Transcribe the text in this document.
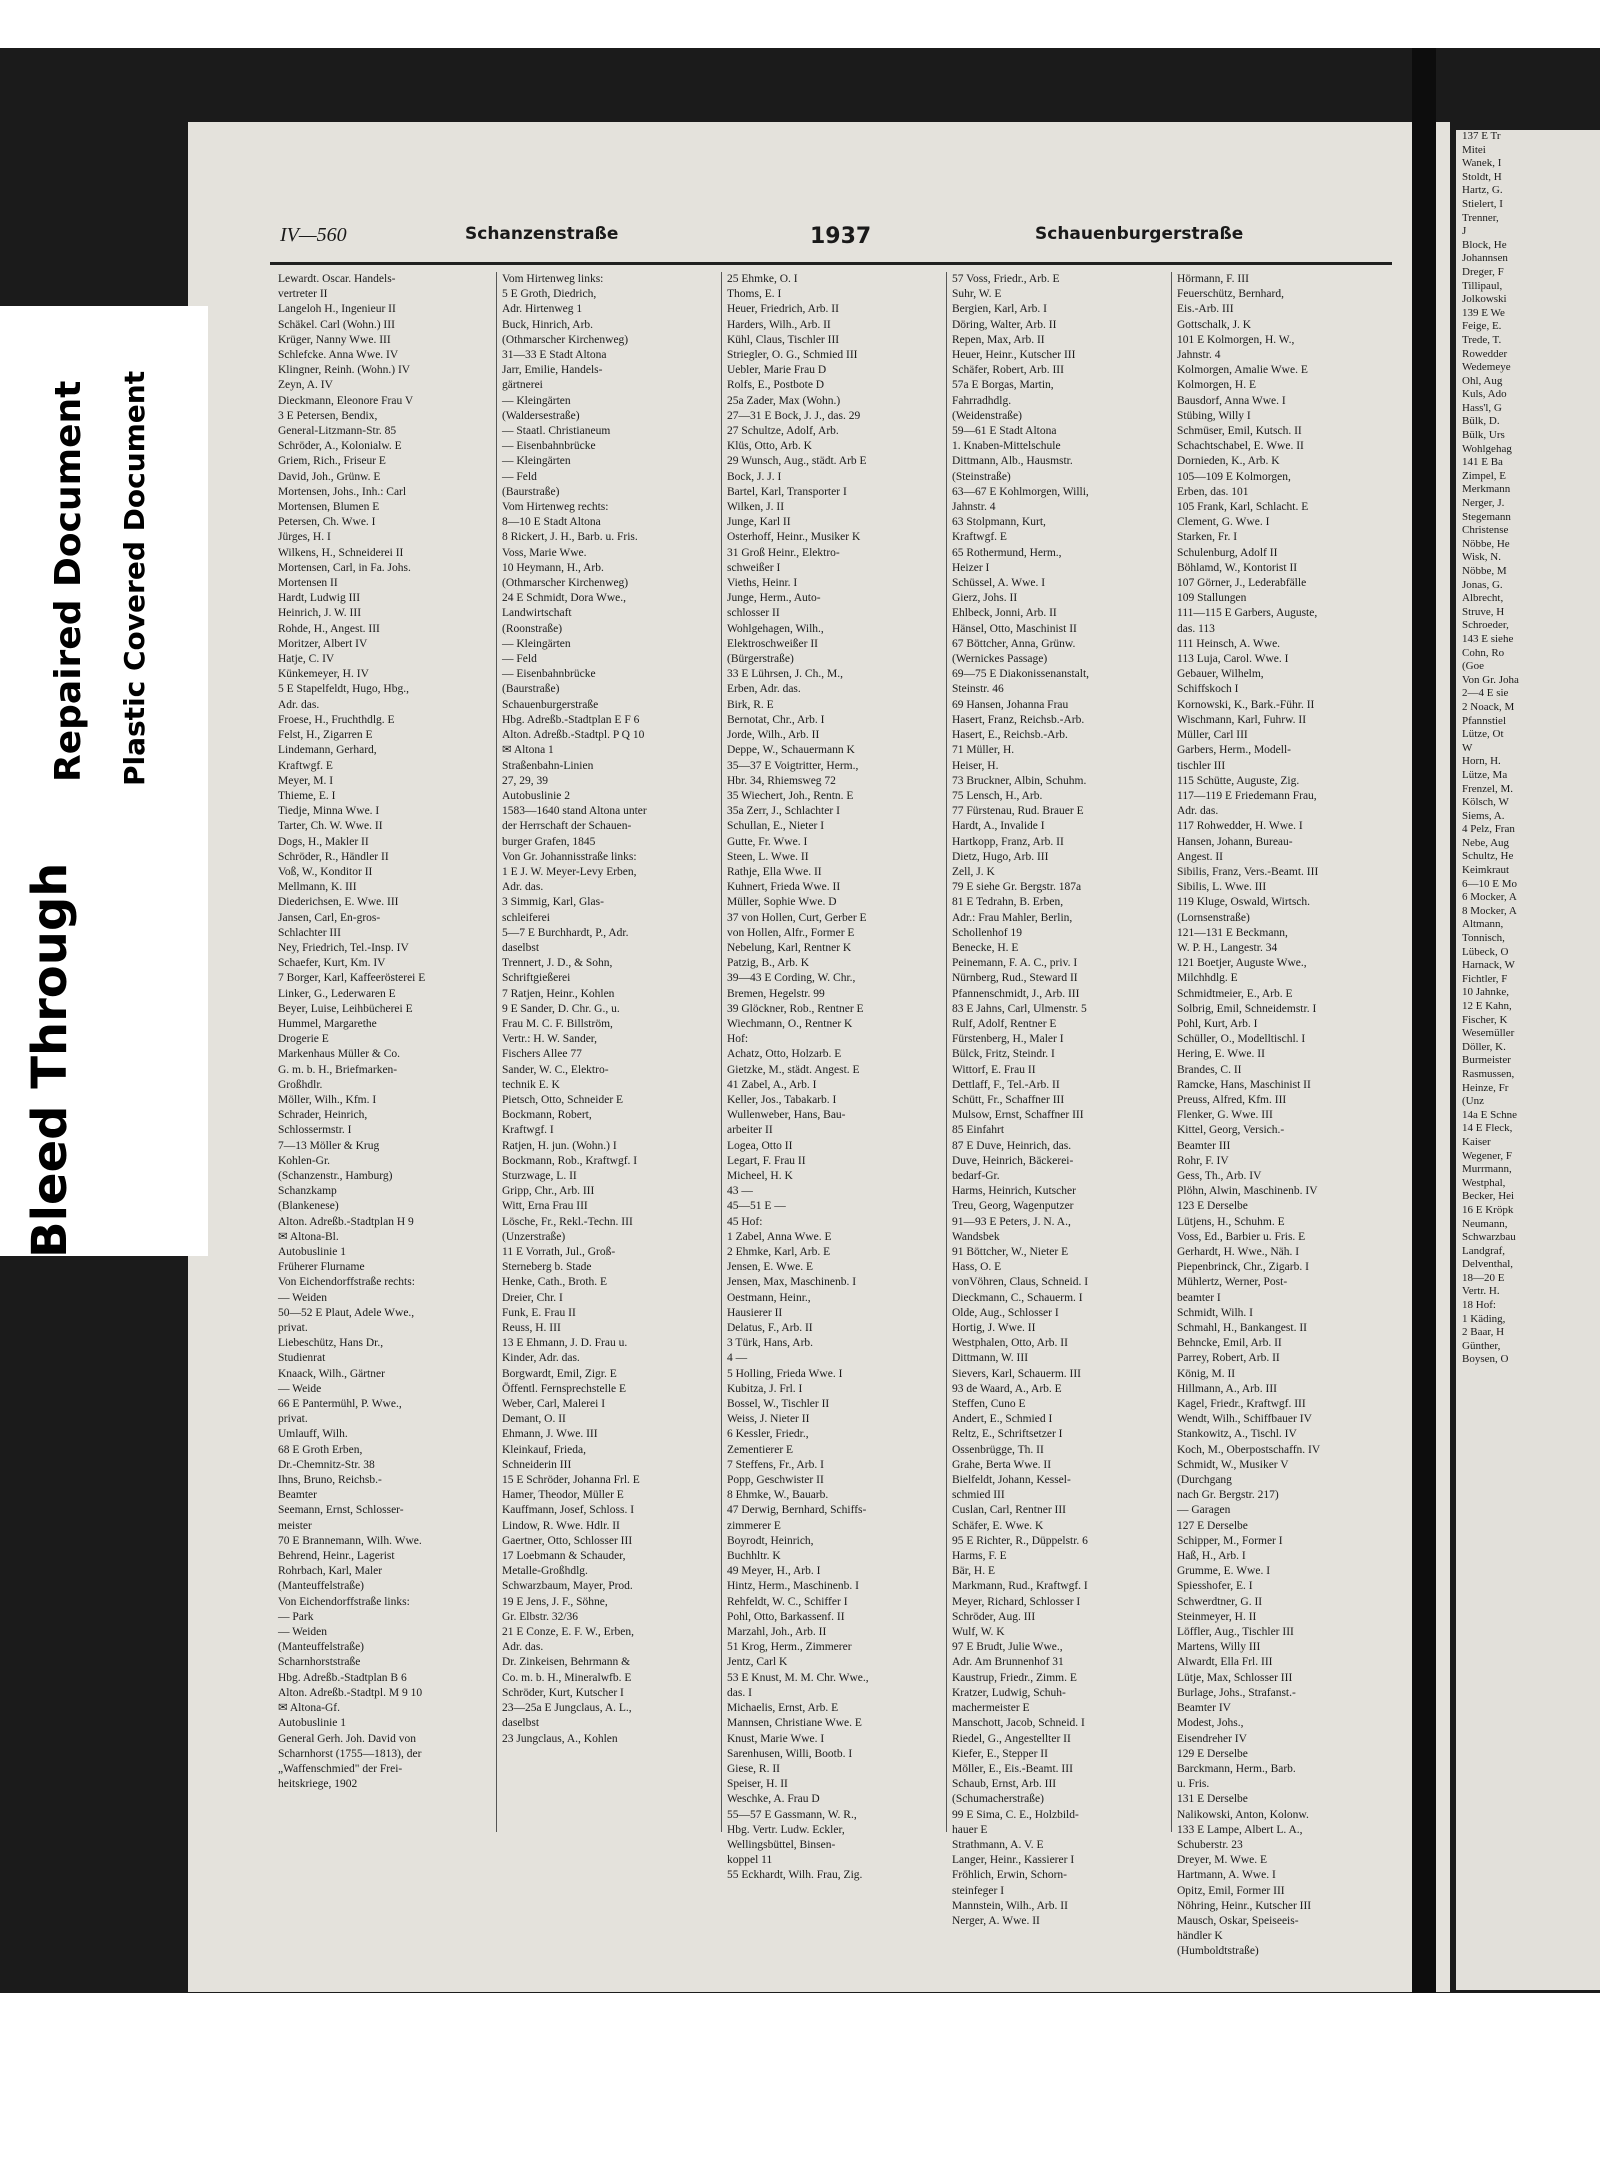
137 E Tr
Mitei
Wanek, I
Stoldt, H
Hartz, G.
Stielert, I
Trenner,
J
Block, He
Johannsen
Dreger, F
Tillipaul,
Jolkowski
139 E We
Feige, E.
Trede, T.
Rowedder
Wedemeye
Ohl, Aug
Kuls, Ado
Hass'l, G
Bülk, D.
Bülk, Urs
Wohlgehag
141 E Ba
Zimpel, E
Merkmann
Nerger, J.
Stegemann
Christense
Nöbbe, He
Wisk, N.
Nöbbe, M
Jonas, G.
Albrecht,
Struve, H
Schroeder,
143 E siehe
Cohn, Ro
(Goe
Von Gr. Joha
2—4 E sie
2 Noack, M
Pfannstiel
Lütze, Ot
W
Horn, H.
Lütze, Ma
Frenzel, M.
Kölsch, W
Siems, A.
4 Pelz, Fran
Nebe, Aug
Schultz, He
Keimkraut
6—10 E Mo
6 Mocker, A
8 Mocker, A
Altmann,
Tonnisch,
Lübeck, O
Harnack, W
Fichtler, F
10 Jahnke,
12 E Kahn,
Fischer, K
Wesemüller
Döller, K.
Burmeister
Rasmussen,
Heinze, Fr
(Unz
14a E Schne
14 E Fleck,
Kaiser
Wegener, F
Murrmann,
Westphal,
Becker, Hei
16 E Kröpk
Neumann,
Schwarzbau
Landgraf,
Delventhal,
18—20 E
Vertr. H.
18 Hof:
1 Käding,
2 Baar, H
Günther,
Boysen, O
IV—560	Schanzenstraße	1937	Schauenburgerstraße
Lewardt. Oscar. Handels-
vertreter II
Langeloh H., Ingenieur II
Schäkel. Carl (Wohn.) III
Krüger, Nanny Wwe. III
Schlefcke. Anna Wwe. IV
Klingner, Reinh. (Wohn.) IV
Zeyn, A. IV
Dieckmann, Eleonore Frau V
3 E Petersen, Bendix,
General-Litzmann-Str. 85
Schröder, A., Kolonialw. E
Griem, Rich., Friseur E
David, Joh., Grünw. E
Mortensen, Johs., Inh.: Carl
Mortensen, Blumen E
Petersen, Ch. Wwe. I
Jürges, H. I
Wilkens, H., Schneiderei II
Mortensen, Carl, in Fa. Johs.
Mortensen II
Hardt, Ludwig III
Heinrich, J. W. III
Rohde, H., Angest. III
Moritzer, Albert IV
Hatje, C. IV
Künkemeyer, H. IV
5 E Stapelfeldt, Hugo, Hbg.,
Adr. das.
Froese, H., Fruchthdlg. E
Felst, H., Zigarren E
Lindemann, Gerhard,
Kraftwgf. E
Meyer, M. I
Thieme, E. I
Tiedje, Minna Wwe. I
Tarter, Ch. W. Wwe. II
Dogs, H., Makler II
Schröder, R., Händler II
Voß, W., Konditor II
Mellmann, K. III
Diederichsen, E. Wwe. III
Jansen, Carl, En-gros-
Schlachter III
Ney, Friedrich, Tel.-Insp. IV
Schaefer, Kurt, Km. IV
7 Borger, Karl, Kaffeerösterei E
Linker, G., Lederwaren E
Beyer, Luise, Leihbücherei E
Hummel, Margarethe
Drogerie E
Markenhaus Müller & Co.
G. m. b. H., Briefmarken-
Großhdlr.
Möller, Wilh., Kfm. I
Schrader, Heinrich,
Schlossermstr. I
7—13 Möller & Krug
Kohlen-Gr.
(Schanzenstr., Hamburg)
Schanzkamp
(Blankenese)
Alton. Adreßb.-Stadtplan H 9
✉ Altona-Bl.
Autobuslinie 1
Früherer Flurname
Von Eichendorffstraße rechts:
— Weiden
50—52 E Plaut, Adele Wwe.,
privat.
Liebeschütz, Hans Dr.,
Studienrat
Knaack, Wilh., Gärtner
— Weide
66 E Pantermühl, P. Wwe.,
privat.
Umlauff, Wilh.
68 E Groth Erben,
Dr.-Chemnitz-Str. 38
Ihns, Bruno, Reichsb.-
Beamter
Seemann, Ernst, Schlosser-
meister
70 E Brannemann, Wilh. Wwe.
Behrend, Heinr., Lagerist
Rohrbach, Karl, Maler
(Manteuffelstraße)
Von Eichendorffstraße links:
— Park
— Weiden
(Manteuffelstraße)
Scharnhorststraße
Hbg. Adreßb.-Stadtplan B 6
Alton. Adreßb.-Stadtpl. M 9 10
✉ Altona-Gf.
Autobuslinie 1
General Gerh. Joh. David von
Scharnhorst (1755—1813), der
„Waffenschmied" der Frei-
heitskriege, 1902
Vom Hirtenweg links:
5 E Groth, Diedrich,
Adr. Hirtenweg 1
Buck, Hinrich, Arb.
(Othmarscher Kirchenweg)
31—33 E Stadt Altona
Jarr, Emilie, Handels-
gärtnerei
— Kleingärten
(Waldersestraße)
— Staatl. Christianeum
— Eisenbahnbrücke
— Kleingärten
— Feld
(Baurstraße)
Vom Hirtenweg rechts:
8—10 E Stadt Altona
8 Rickert, J. H., Barb. u. Fris.
Voss, Marie Wwe.
10 Heymann, H., Arb.
(Othmarscher Kirchenweg)
24 E Schmidt, Dora Wwe.,
Landwirtschaft
(Roonstraße)
— Kleingärten
— Feld
— Eisenbahnbrücke
(Baurstraße)
Schauenburgerstraße
Hbg. Adreßb.-Stadtplan E F 6
Alton. Adreßb.-Stadtpl. P Q 10
✉ Altona 1
Straßenbahn-Linien
27, 29, 39
Autobuslinie 2
1583—1640 stand Altona unter
der Herrschaft der Schauen-
burger Grafen, 1845
Von Gr. Johannisstraße links:
1 E J. W. Meyer-Levy Erben,
Adr. das.
3 Simmig, Karl, Glas-
schleiferei
5—7 E Burchhardt, P., Adr.
daselbst
Trennert, J. D., & Sohn,
Schriftgießerei
7 Ratjen, Heinr., Kohlen
9 E Sander, D. Chr. G., u.
Frau M. C. F. Billström,
Vertr.: H. W. Sander,
Fischers Allee 77
Sander, W. C., Elektro-
technik E. K
Pietsch, Otto, Schneider E
Bockmann, Robert,
Kraftwgf. I
Ratjen, H. jun. (Wohn.) I
Bockmann, Rob., Kraftwgf. I
Sturzwage, L. II
Gripp, Chr., Arb. III
Witt, Erna Frau III
Lösche, Fr., Rekl.-Techn. III
(Unzerstraße)
11 E Vorrath, Jul., Groß-
Sterneberg b. Stade
Henke, Cath., Broth. E
Dreier, Chr. I
Funk, E. Frau II
Reuss, H. III
13 E Ehmann, J. D. Frau u.
Kinder, Adr. das.
Borgwardt, Emil, Zigr. E
Öffentl. Fernsprechstelle E
Weber, Carl, Malerei I
Demant, O. II
Ehmann, J. Wwe. III
Kleinkauf, Frieda,
Schneiderin III
15 E Schröder, Johanna Frl. E
Hamer, Theodor, Müller E
Kauffmann, Josef, Schloss. I
Lindow, R. Wwe. Hdlr. II
Gaertner, Otto, Schlosser III
17 Loebmann & Schauder,
Metalle-Großhdlg.
Schwarzbaum, Mayer, Prod.
19 E Jens, J. F., Söhne,
Gr. Elbstr. 32/36
21 E Conze, E. F. W., Erben,
Adr. das.
Dr. Zinkeisen, Behrmann &
Co. m. b. H., Mineralwfb. E
Schröder, Kurt, Kutscher I
23—25a E Jungclaus, A. L.,
daselbst
23 Jungclaus, A., Kohlen
25 Ehmke, O. I
Thoms, E. I
Heuer, Friedrich, Arb. II
Harders, Wilh., Arb. II
Kühl, Claus, Tischler III
Striegler, O. G., Schmied III
Uebler, Marie Frau D
Rolfs, E., Postbote D
25a Zader, Max (Wohn.)
27—31 E Bock, J. J., das. 29
27 Schultze, Adolf, Arb.
Klüs, Otto, Arb. K
29 Wunsch, Aug., städt. Arb E
Bock, J. J. I
Bartel, Karl, Transporter I
Wilken, J. II
Junge, Karl II
Osterhoff, Heinr., Musiker K
31 Groß Heinr., Elektro-
schweißer I
Vieths, Heinr. I
Junge, Herm., Auto-
schlosser II
Wohlgehagen, Wilh.,
Elektroschweißer II
(Bürgerstraße)
33 E Lührsen, J. Ch., M.,
Erben, Adr. das.
Birk, R. E
Bernotat, Chr., Arb. I
Jorde, Wilh., Arb. II
Deppe, W., Schauermann K
35—37 E Voigtritter, Herm.,
Hbr. 34, Rhiemsweg 72
35 Wiechert, Joh., Rentn. E
35a Zerr, J., Schlachter I
Schullan, E., Nieter I
Gutte, Fr. Wwe. I
Steen, L. Wwe. II
Rathje, Ella Wwe. II
Kuhnert, Frieda Wwe. II
Müller, Sophie Wwe. D
37 von Hollen, Curt, Gerber E
von Hollen, Alfr., Former E
Nebelung, Karl, Rentner K
Patzig, B., Arb. K
39—43 E Cording, W. Chr.,
Bremen, Hegelstr. 99
39 Glöckner, Rob., Rentner E
Wiechmann, O., Rentner K
Hof:
Achatz, Otto, Holzarb. E
Gietzke, M., städt. Angest. E
41 Zabel, A., Arb. I
Keller, Jos., Tabakarb. I
Wullenweber, Hans, Bau-
arbeiter II
Logea, Otto II
Legart, F. Frau II
Micheel, H. K
43 —
45—51 E —
45 Hof:
1 Zabel, Anna Wwe. E
2 Ehmke, Karl, Arb. E
Jensen, E. Wwe. E
Jensen, Max, Maschinenb. I
Oestmann, Heinr.,
Hausierer II
Delatus, F., Arb. II
3 Türk, Hans, Arb.
4 —
5 Holling, Frieda Wwe. I
Kubitza, J. Frl. I
Bossel, W., Tischler II
Weiss, J. Nieter II
6 Kessler, Friedr.,
Zementierer E
7 Steffens, Fr., Arb. I
Popp, Geschwister II
8 Ehmke, W., Bauarb.
47 Derwig, Bernhard, Schiffs-
zimmerer E
Boyrodt, Heinrich,
Buchhltr. K
49 Meyer, H., Arb. I
Hintz, Herm., Maschinenb. I
Rehfeldt, W. C., Schiffer I
Pohl, Otto, Barkassenf. II
Marzahl, Joh., Arb. II
51 Krog, Herm., Zimmerer
Jentz, Carl K
53 E Knust, M. M. Chr. Wwe.,
das. I
Michaelis, Ernst, Arb. E
Mannsen, Christiane Wwe. E
Knust, Marie Wwe. I
Sarenhusen, Willi, Bootb. I
Giese, R. II
Speiser, H. II
Weschke, A. Frau D
55—57 E Gassmann, W. R.,
Hbg. Vertr. Ludw. Eckler,
Wellingsbüttel, Binsen-
koppel 11
55 Eckhardt, Wilh. Frau, Zig.
57 Voss, Friedr., Arb. E
Suhr, W. E
Bergien, Karl, Arb. I
Döring, Walter, Arb. II
Repen, Max, Arb. II
Heuer, Heinr., Kutscher III
Schäfer, Robert, Arb. III
57a E Borgas, Martin,
Fahrradhdlg.
(Weidenstraße)
59—61 E Stadt Altona
1. Knaben-Mittelschule
Dittmann, Alb., Hausmstr.
(Steinstraße)
63—67 E Kohlmorgen, Willi,
Jahnstr. 4
63 Stolpmann, Kurt,
Kraftwgf. E
65 Rothermund, Herm.,
Heizer I
Schüssel, A. Wwe. I
Gierz, Johs. II
Ehlbeck, Jonni, Arb. II
Hänsel, Otto, Maschinist II
67 Böttcher, Anna, Grünw.
(Wernickes Passage)
69—75 E Diakonissenanstalt,
Steinstr. 46
69 Hansen, Johanna Frau
Hasert, Franz, Reichsb.-Arb.
Hasert, E., Reichsb.-Arb.
71 Müller, H.
Heiser, H.
73 Bruckner, Albin, Schuhm.
75 Lensch, H., Arb.
77 Fürstenau, Rud. Brauer E
Hardt, A., Invalide I
Hartkopp, Franz, Arb. II
Dietz, Hugo, Arb. III
Zell, J. K
79 E siehe Gr. Bergstr. 187a
81 E Tedrahn, B. Erben,
Adr.: Frau Mahler, Berlin,
Schollenhof 19
Benecke, H. E
Peinemann, F. A. C., priv. I
Nürnberg, Rud., Steward II
Pfannenschmidt, J., Arb. III
83 E Jahns, Carl, Ulmenstr. 5
Rulf, Adolf, Rentner E
Fürstenberg, H., Maler I
Bülck, Fritz, Steindr. I
Wittorf, E. Frau II
Dettlaff, F., Tel.-Arb. II
Schütt, Fr., Schaffner III
Mulsow, Ernst, Schaffner III
85 Einfahrt
87 E Duve, Heinrich, das.
Duve, Heinrich, Bäckerei-
bedarf-Gr.
Harms, Heinrich, Kutscher
Treu, Georg, Wagenputzer
91—93 E Peters, J. N. A.,
Wandsbek
91 Böttcher, W., Nieter E
Hass, O. E
vonVöhren, Claus, Schneid. I
Dieckmann, C., Schauerm. I
Olde, Aug., Schlosser I
Hortig, J. Wwe. II
Westphalen, Otto, Arb. II
Dittmann, W. III
Sievers, Karl, Schauerm. III
93 de Waard, A., Arb. E
Steffen, Cuno E
Andert, E., Schmied I
Reltz, E., Schriftsetzer I
Ossenbrügge, Th. II
Grahe, Berta Wwe. II
Bielfeldt, Johann, Kessel-
schmied III
Cuslan, Carl, Rentner III
Schäfer, E. Wwe. K
95 E Richter, R., Düppelstr. 6
Harms, F. E
Bär, H. E
Markmann, Rud., Kraftwgf. I
Meyer, Richard, Schlosser I
Schröder, Aug. III
Wulf, W. K
97 E Brudt, Julie Wwe.,
Adr. Am Brunnenhof 31
Kaustrup, Friedr., Zimm. E
Kratzer, Ludwig, Schuh-
machermeister E
Manschott, Jacob, Schneid. I
Riedel, G., Angestellter II
Kiefer, E., Stepper II
Möller, E., Eis.-Beamt. III
Schaub, Ernst, Arb. III
(Schumacherstraße)
99 E Sima, C. E., Holzbild-
hauer E
Strathmann, A. V. E
Langer, Heinr., Kassierer I
Fröhlich, Erwin, Schorn-
steinfeger I
Mannstein, Wilh., Arb. II
Nerger, A. Wwe. II
Hörmann, F. III
Feuerschütz, Bernhard,
Eis.-Arb. III
Gottschalk, J. K
101 E Kolmorgen, H. W.,
Jahnstr. 4
Kolmorgen, Amalie Wwe. E
Kolmorgen, H. E
Bausdorf, Anna Wwe. I
Stübing, Willy I
Schmüser, Emil, Kutsch. II
Schachtschabel, E. Wwe. II
Dornieden, K., Arb. K
105—109 E Kolmorgen,
Erben, das. 101
105 Frank, Karl, Schlacht. E
Clement, G. Wwe. I
Starken, Fr. I
Schulenburg, Adolf II
Böhlamd, W., Kontorist II
107 Görner, J., Lederabfälle
109 Stallungen
111—115 E Garbers, Auguste,
das. 113
111 Heinsch, A. Wwe.
113 Luja, Carol. Wwe. I
Gebauer, Wilhelm,
Schiffskoch I
Kornowski, K., Bark.-Führ. II
Wischmann, Karl, Fuhrw. II
Müller, Carl III
Garbers, Herm., Modell-
tischler III
115 Schütte, Auguste, Zig.
117—119 E Friedemann Frau,
Adr. das.
117 Rohwedder, H. Wwe. I
Hansen, Johann, Bureau-
Angest. II
Sibilis, Franz, Vers.-Beamt. III
Sibilis, L. Wwe. III
119 Kluge, Oswald, Wirtsch.
(Lornsenstraße)
121—131 E Beckmann,
W. P. H., Langestr. 34
121 Boetjer, Auguste Wwe.,
Milchhdlg. E
Schmidtmeier, E., Arb. E
Solbrig, Emil, Schneidemstr. I
Pohl, Kurt, Arb. I
Schüller, O., Modelltischl. I
Hering, E. Wwe. II
Brandes, C. II
Ramcke, Hans, Maschinist II
Preuss, Alfred, Kfm. III
Flenker, G. Wwe. III
Kittel, Georg, Versich.-
Beamter III
Rohr, F. IV
Gess, Th., Arb. IV
Plöhn, Alwin, Maschinenb. IV
123 E Derselbe
Lütjens, H., Schuhm. E
Voss, Ed., Barbier u. Fris. E
Gerhardt, H. Wwe., Näh. I
Piepenbrinck, Chr., Zigarb. I
Mühlertz, Werner, Post-
beamter I
Schmidt, Wilh. I
Schmahl, H., Bankangest. II
Behncke, Emil, Arb. II
Parrey, Robert, Arb. II
König, M. II
Hillmann, A., Arb. III
Kagel, Friedr., Kraftwgf. III
Wendt, Wilh., Schiffbauer IV
Stankowitz, A., Tischl. IV
Koch, M., Oberpostschaffn. IV
Schmidt, W., Musiker V
(Durchgang
nach Gr. Bergstr. 217)
— Garagen
127 E Derselbe
Schipper, M., Former I
Haß, H., Arb. I
Grumme, E. Wwe. I
Spiesshofer, E. I
Schwerdtner, G. II
Steinmeyer, H. II
Löffler, Aug., Tischler III
Martens, Willy III
Alwardt, Ella Frl. III
Lütje, Max, Schlosser III
Burlage, Johs., Strafanst.-
Beamter IV
Modest, Johs.,
Eisendreher IV
129 E Derselbe
Barckmann, Herm., Barb.
u. Fris.
131 E Derselbe
Nalikowski, Anton, Kolonw.
133 E Lampe, Albert L. A.,
Schuberstr. 23
Dreyer, M. Wwe. E
Hartmann, A. Wwe. I
Opitz, Emil, Former III
Nöhring, Heinr., Kutscher III
Mausch, Oskar, Speiseeis-
händler K
(Humboldtstraße)
Bleed Through
Repaired Document Plastic Covered Document
